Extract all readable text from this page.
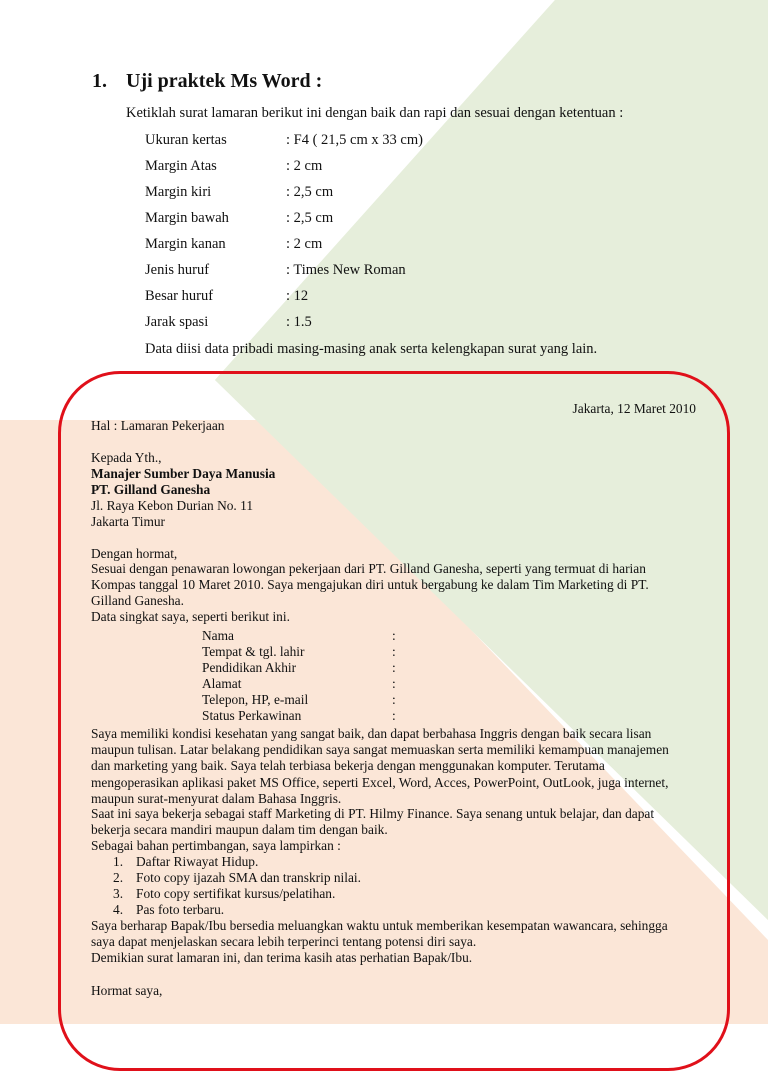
1. Uji praktek Ms Word :
Ketiklah surat lamaran berikut ini dengan baik dan rapi dan sesuai dengan ketentuan :
Ukuran kertas	: F4 ( 21,5 cm x 33 cm)
Margin Atas	: 2 cm
Margin kiri	: 2,5 cm
Margin bawah	: 2,5 cm
Margin kanan	: 2 cm
Jenis huruf	: Times New Roman
Besar huruf	: 12
Jarak spasi	: 1.5
Data diisi data pribadi masing-masing anak serta kelengkapan surat yang lain.
Jakarta, 12 Maret 2010
Hal : Lamaran Pekerjaan
Kepada Yth.,
Manajer Sumber Daya Manusia
PT. Gilland Ganesha
Jl. Raya Kebon Durian No. 11
Jakarta Timur
Dengan hormat,
Sesuai dengan penawaran lowongan pekerjaan dari PT. Gilland Ganesha, seperti yang termuat di harian
Kompas tanggal 10 Maret 2010. Saya mengajukan diri untuk bergabung ke dalam Tim Marketing di PT.
Gilland Ganesha.
Data singkat saya, seperti berikut ini.
Nama	:
Tempat & tgl. lahir	:
Pendidikan Akhir	:
Alamat	:
Telepon, HP, e-mail	:
Status Perkawinan	:
Saya memiliki kondisi kesehatan yang sangat baik, dan dapat berbahasa Inggris dengan baik secara lisan
maupun tulisan. Latar belakang pendidikan saya sangat memuaskan serta memiliki kemampuan manajemen
dan marketing yang baik. Saya telah terbiasa bekerja dengan menggunakan komputer. Terutama
mengoperasikan aplikasi paket MS Office, seperti Excel, Word, Acces, PowerPoint, OutLook, juga internet,
maupun surat-menyurat dalam Bahasa Inggris.
Saat ini saya bekerja sebagai staff Marketing di PT. Hilmy Finance. Saya senang untuk belajar, dan dapat
bekerja secara mandiri maupun dalam tim dengan baik.
Sebagai bahan pertimbangan, saya lampirkan :
1. Daftar Riwayat Hidup.
2. Foto copy ijazah SMA dan transkrip nilai.
3. Foto copy sertifikat kursus/pelatihan.
4. Pas foto terbaru.
Saya berharap Bapak/Ibu bersedia meluangkan waktu untuk memberikan kesempatan wawancara, sehingga
saya dapat menjelaskan secara lebih terperinci tentang potensi diri saya.
Demikian surat lamaran ini, dan terima kasih atas perhatian Bapak/Ibu.
Hormat saya,
